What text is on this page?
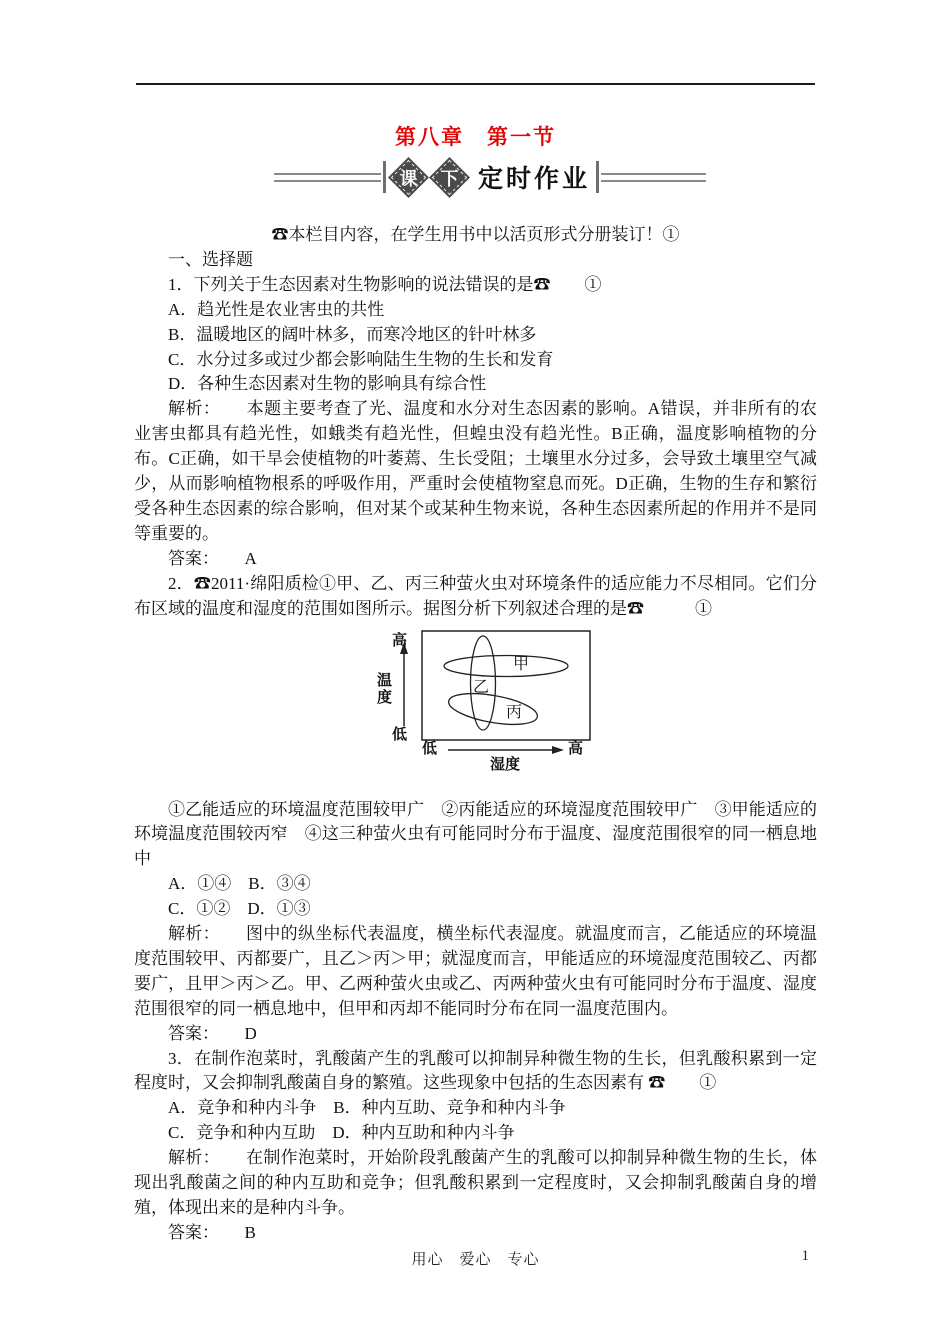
第八章　第一节
课 下 定时作业

☎本栏目内容，在学生用书中以活页形式分册装订！①

一、选择题

1．下列关于生态因素对生物影响的说法错误的是☎　　①

A．趋光性是农业害虫的共性

B．温暖地区的阔叶林多，而寒冷地区的针叶林多

C．水分过多或过少都会影响陆生生物的生长和发育

D．各种生态因素对生物的影响具有综合性

解析：　　本题主要考查了光、温度和水分对生态因素的影响。A错误，并非所有的农业害虫都具有趋光性，如蛾类有趋光性，但蝗虫没有趋光性。B正确，温度影响植物的分布。C正确，如干旱会使植物的叶萎蔫、生长受阻；土壤里水分过多，会导致土壤里空气减少，从而影响植物根系的呼吸作用，严重时会使植物窒息而死。D正确，生物的生存和繁衍受各种生态因素的综合影响，但对某个或某种生物来说，各种生态因素所起的作用并不是同等重要的。

答案：　　A

2．☎2011·绵阳质检①甲、乙、丙三种萤火虫对环境条件的适应能力不尽相同。它们分布区域的温度和湿度的范围如图所示。据图分析下列叙述合理的是☎　　　①

高
温度
低
低	高
湿度
甲
乙
丙

①乙能适应的环境温度范围较甲广　②丙能适应的环境湿度范围较甲广　③甲能适应的环境温度范围较丙窄　④这三种萤火虫有可能同时分布于温度、湿度范围很窄的同一栖息地中

A．①④　B．③④

C．①②　D．①③

解析：　　图中的纵坐标代表温度，横坐标代表湿度。就温度而言，乙能适应的环境温度范围较甲、丙都要广，且乙＞丙＞甲；就湿度而言，甲能适应的环境湿度范围较乙、丙都要广，且甲＞丙＞乙。甲、乙两种萤火虫或乙、丙两种萤火虫有可能同时分布于温度、湿度范围很窄的同一栖息地中，但甲和丙却不能同时分布在同一温度范围内。

答案：　　D

3．在制作泡菜时，乳酸菌产生的乳酸可以抑制异种微生物的生长，但乳酸积累到一定程度时，又会抑制乳酸菌自身的繁殖。这些现象中包括的生态因素有 ☎　　①

A．竞争和种内斗争　B．种内互助、竞争和种内斗争

C．竞争和种内互助　D．种内互助和种内斗争

解析：　　在制作泡菜时，开始阶段乳酸菌产生的乳酸可以抑制异种微生物的生长，体现出乳酸菌之间的种内互助和竞争；但乳酸积累到一定程度时，又会抑制乳酸菌自身的增殖，体现出来的是种内斗争。

答案：　　B

用心　爱心　专心	1
